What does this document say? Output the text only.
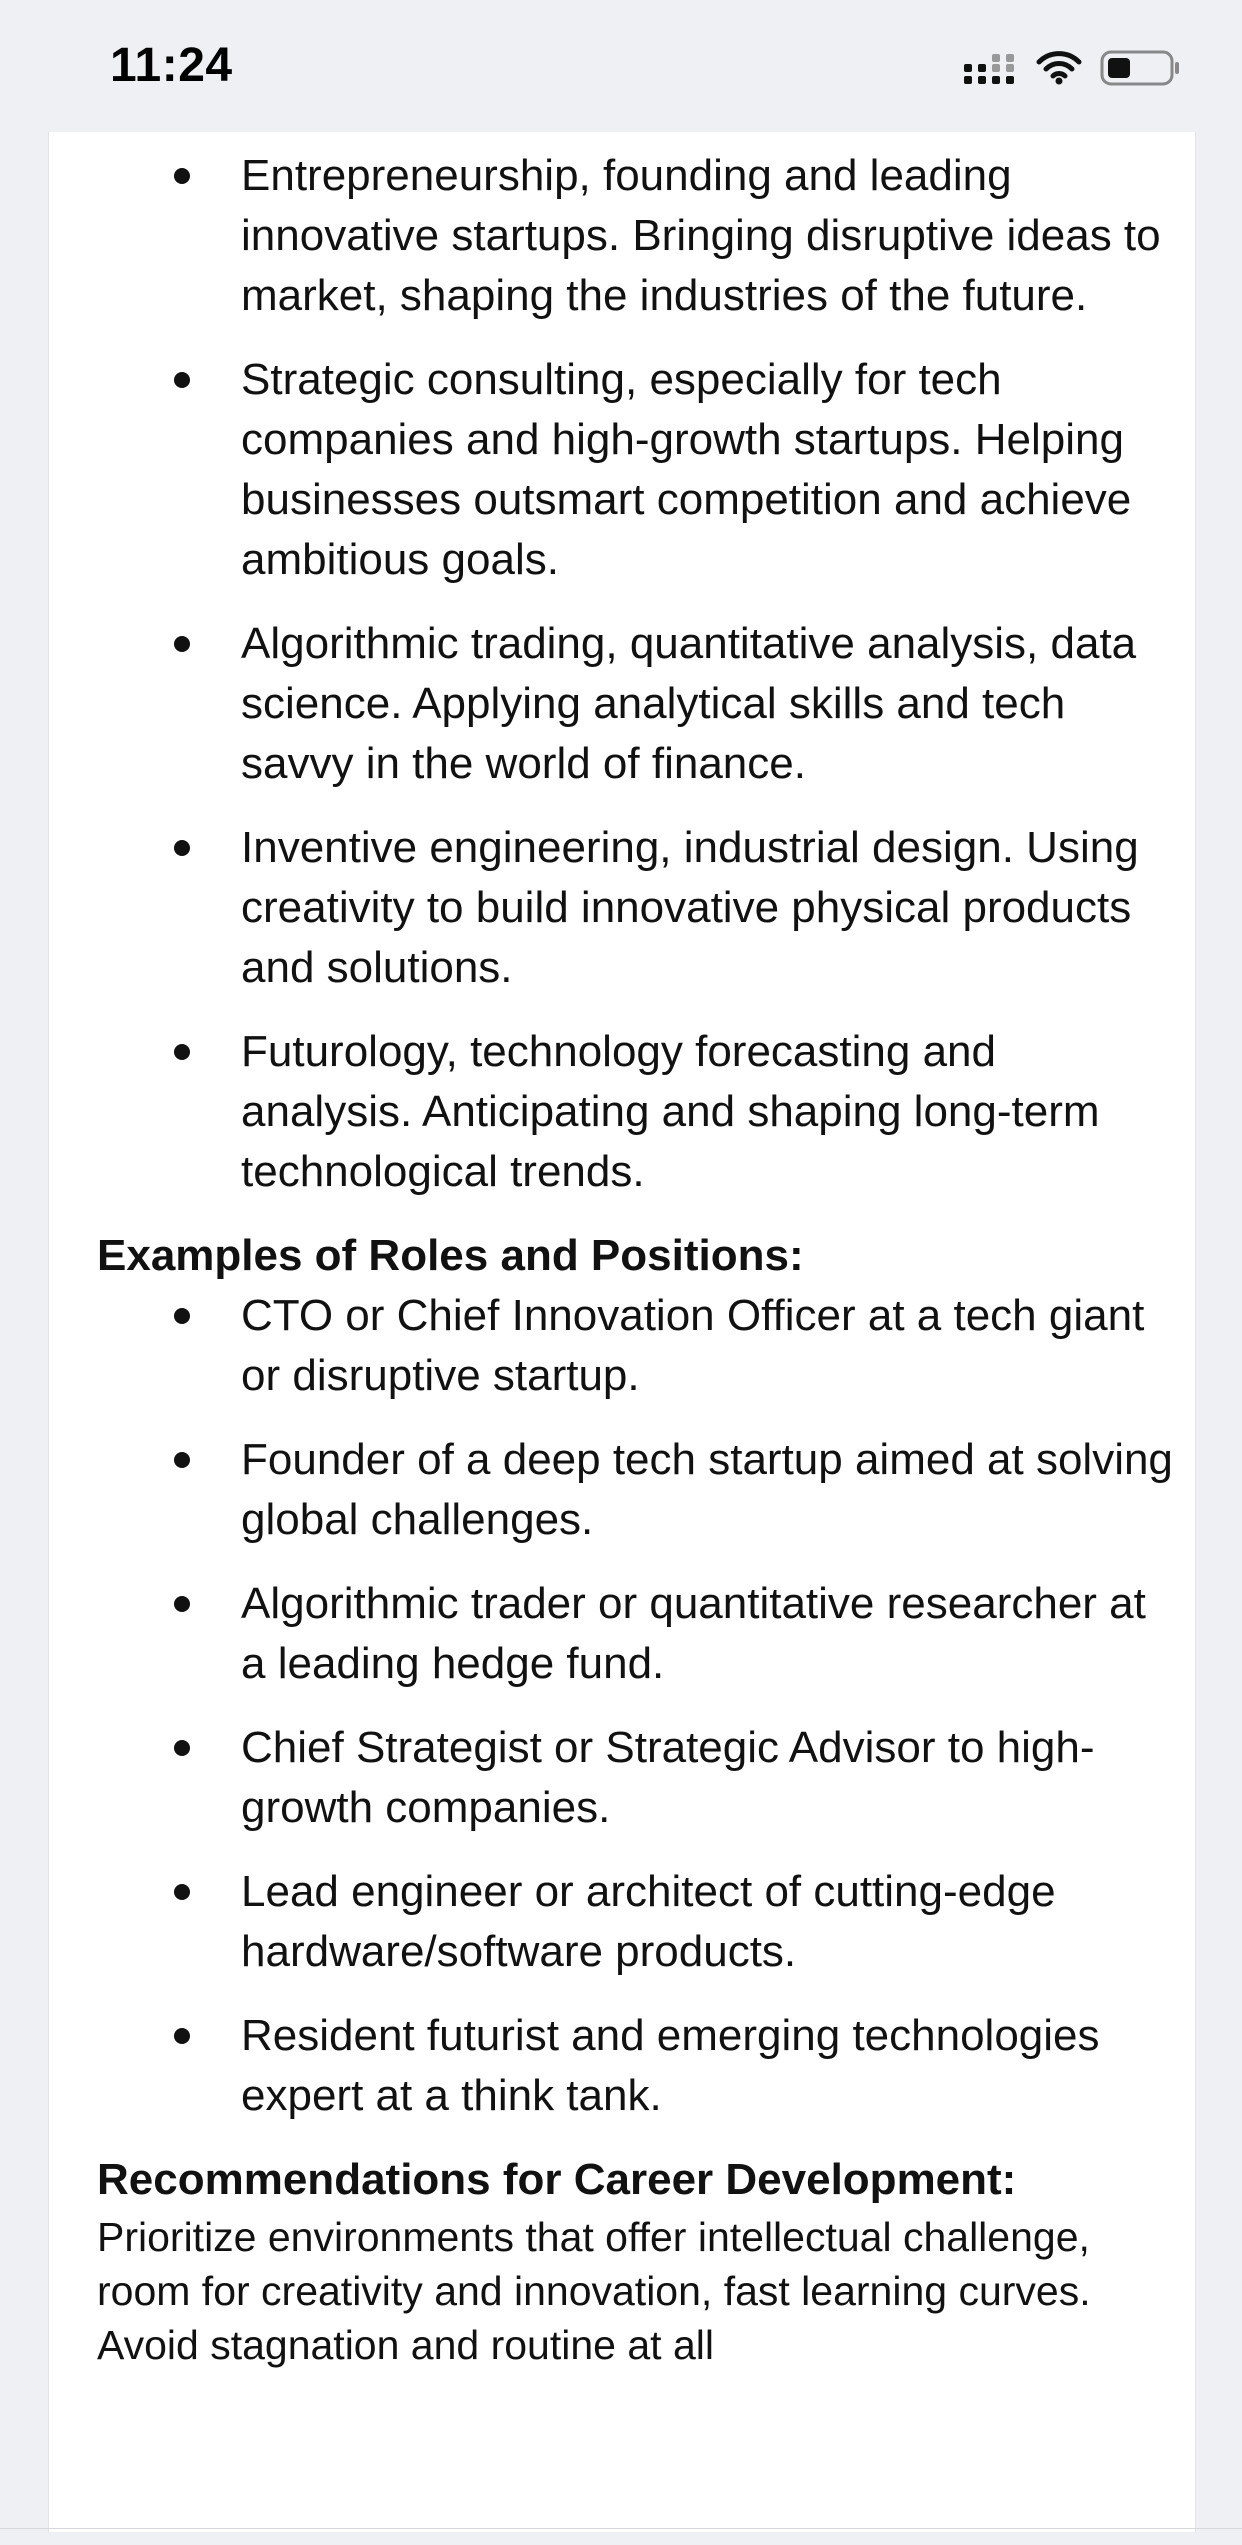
11:24
Entrepreneurship, founding and leading innovative startups. Bringing disruptive ideas to market, shaping the industries of the future.
Strategic consulting, especially for tech companies and high-growth startups. Helping businesses outsmart competition and achieve ambitious goals.
Algorithmic trading, quantitative analysis, data science. Applying analytical skills and tech savvy in the world of finance.
Inventive engineering, industrial design. Using creativity to build innovative physical products and solutions.
Futurology, technology forecasting and analysis. Anticipating and shaping long-term technological trends.
Examples of Roles and Positions:
CTO or Chief Innovation Officer at a tech giant or disruptive startup.
Founder of a deep tech startup aimed at solving global challenges.
Algorithmic trader or quantitative researcher at a leading hedge fund.
Chief Strategist or Strategic Advisor to high-growth companies.
Lead engineer or architect of cutting-edge hardware/software products.
Resident futurist and emerging technologies expert at a think tank.
Recommendations for Career Development:

Prioritize environments that offer intellectual challenge, room for creativity and innovation, fast learning curves. Avoid stagnation and routine at all
